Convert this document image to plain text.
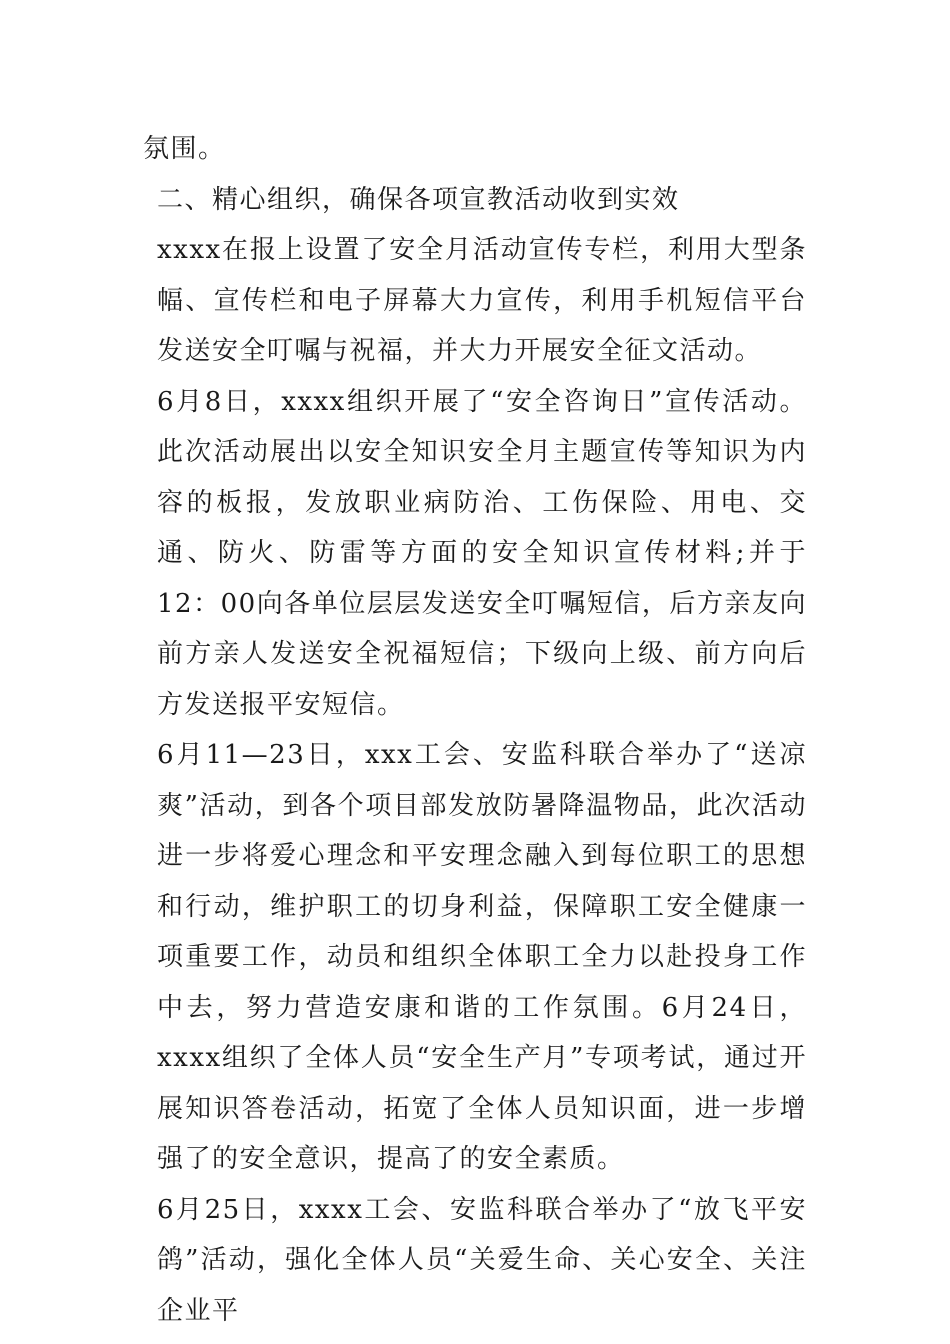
氛围。

二、精心组织，确保各项宣教活动收到实效

xxxx在报上设置了安全月活动宣传专栏，利用大型条幅、宣传栏和电子屏幕大力宣传，利用手机短信平台发送安全叮嘱与祝福，并大力开展安全征文活动。

6月8日，xxxx组织开展了“安全咨询日”宣传活动。此次活动展出以安全知识安全月主题宣传等知识为内容的板报，发放职业病防治、工伤保险、用电、交通、防火、防雷等方面的安全知识宣传材料;并于12：00向各单位层层发送安全叮嘱短信，后方亲友向前方亲人发送安全祝福短信；下级向上级、前方向后方发送报平安短信。

6月11—23日，xxx工会、安监科联合举办了“送凉爽”活动，到各个项目部发放防暑降温物品，此次活动进一步将爱心理念和平安理念融入到每位职工的思想和行动，维护职工的切身利益，保障职工安全健康一项重要工作，动员和组织全体职工全力以赴投身工作中去，努力营造安康和谐的工作氛围。6月24日，xxxx组织了全体人员“安全生产月”专项考试，通过开展知识答卷活动，拓宽了全体人员知识面，进一步增强了的安全意识，提高了的安全素质。

6月25日，xxxx工会、安监科联合举办了“放飞平安鸽”活动，强化全体人员“关爱生命、关心安全、关注企业平
